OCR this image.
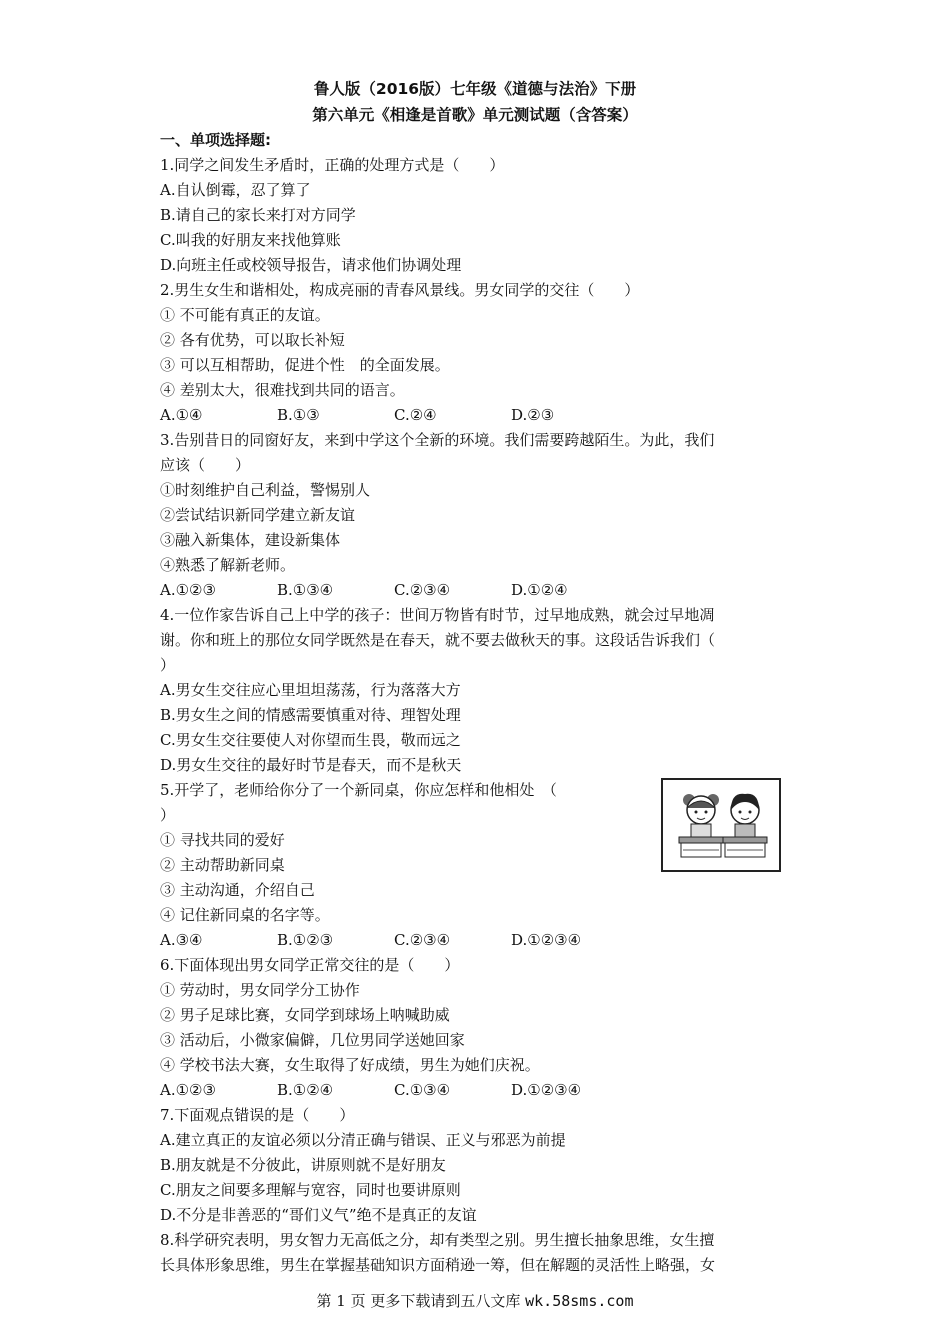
鲁人版（2016版）七年级《道德与法治》下册
第六单元《相逢是首歌》单元测试题（含答案）
一、单项选择题:
1.同学之间发生矛盾时，正确的处理方式是（　　）
A.自认倒霉，忍了算了
B.请自己的家长来打对方同学
C.叫我的好朋友来找他算账
D.向班主任或校领导报告，请求他们协调处理
2.男生女生和谐相处，构成亮丽的青春风景线。男女同学的交往（　　）
① 不可能有真正的友谊。
② 各有优势，可以取长补短
③ 可以互相帮助，促进个性　的全面发展。
④ 差别太大，很难找到共同的语言。
A.①④	B.①③	C.②④	D.②③
3.告别昔日的同窗好友，来到中学这个全新的环境。我们需要跨越陌生。为此，我们
应该（　　）
①时刻维护自己利益，警惕别人
②尝试结识新同学建立新友谊
③融入新集体，建设新集体
④熟悉了解新老师。
A.①②③	B.①③④	C.②③④	D.①②④
4.一位作家告诉自己上中学的孩子：世间万物皆有时节，过早地成熟，就会过早地凋
谢。你和班上的那位女同学既然是在春天，就不要去做秋天的事。这段话告诉我们（
）
A.男女生交往应心里坦坦荡荡，行为落落大方
B.男女生之间的情感需要慎重对待、理智处理
C.男女生交往要使人对你望而生畏，敬而远之
D.男女生交往的最好时节是春天，而不是秋天
5.开学了，老师给你分了一个新同桌，你应怎样和他相处　（
）
① 寻找共同的爱好
② 主动帮助新同桌
③ 主动沟通，介绍自己
④ 记住新同桌的名字等。
A.③④	B.①②③	C.②③④	D.①②③④
6.下面体现出男女同学正常交往的是（　　）
① 劳动时，男女同学分工协作
② 男子足球比赛，女同学到球场上呐喊助威
③ 活动后，小微家偏僻，几位男同学送她回家
④ 学校书法大赛，女生取得了好成绩，男生为她们庆祝。
A.①②③	B.①②④	C.①③④	D.①②③④
7.下面观点错误的是（　　）
A.建立真正的友谊必须以分清正确与错误、正义与邪恶为前提
B.朋友就是不分彼此，讲原则就不是好朋友
C.朋友之间要多理解与宽容，同时也要讲原则
D.不分是非善恶的“哥们义气”绝不是真正的友谊
8.科学研究表明，男女智力无高低之分，却有类型之别。男生擅长抽象思维，女生擅
长具体形象思维，男生在掌握基础知识方面稍逊一筹，但在解题的灵活性上略强，女
第 1 页 更多下载请到五八文库 wk.58sms.com
